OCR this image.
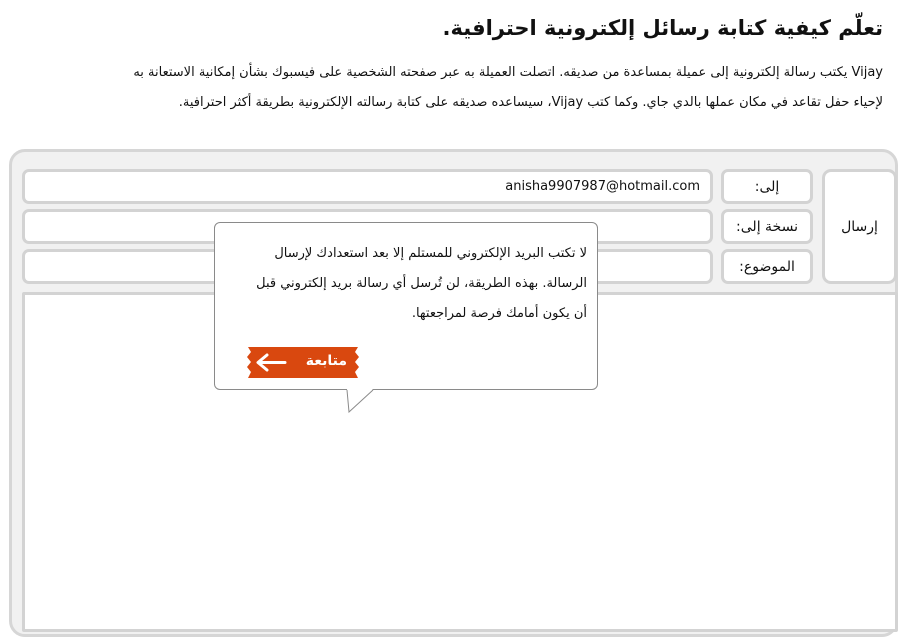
تعلّم كيفية كتابة رسائل إلكترونية احترافية.
Vijay يكتب رسالة إلكترونية إلى عميلة بمساعدة من صديقه. اتصلت العميلة به عبر صفحته الشخصية على فيسبوك بشأن إمكانية الاستعانة به
لإحياء حفل تقاعد في مكان عملها بالدي جاي. وكما كتب Vijay، سيساعده صديقه على كتابة رسالته الإلكترونية بطريقة أكثر احترافية.
إرسال
إلى:
anisha9907987@hotmail.com
نسخة إلى:
الموضوع:
لا تكتب البريد الإلكتروني للمستلم إلا بعد استعدادك لإرسال
الرسالة. بهذه الطريقة، لن تُرسل أي رسالة بريد إلكتروني قبل
أن يكون أمامك فرصة لمراجعتها.
متابعة
